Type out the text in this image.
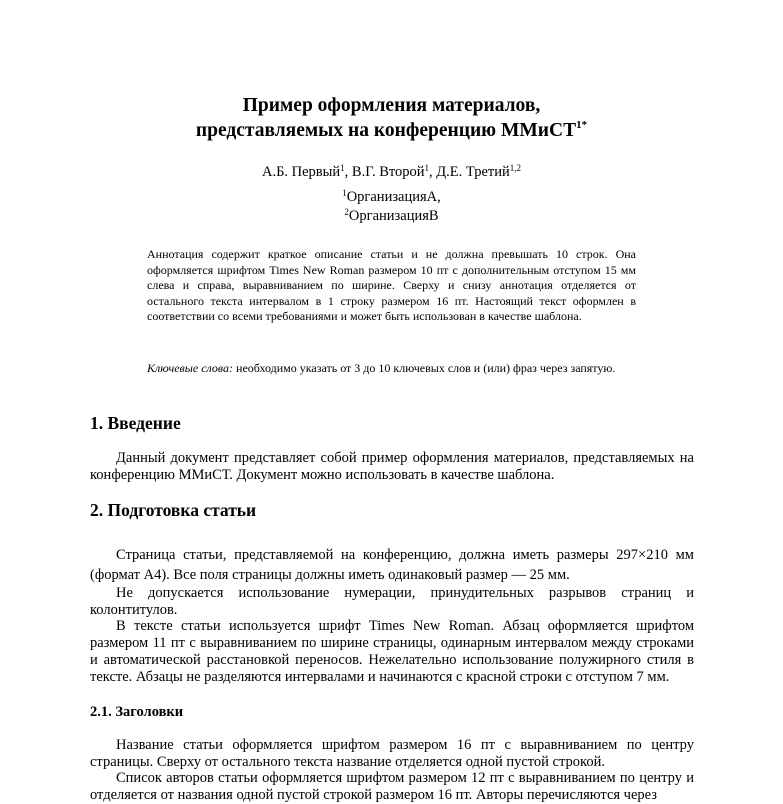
Пример оформления материалов,
представляемых на конференцию ММиСТ$^{1*}$
А.Б. Первый$^1$, В.Г. Второй$^1$, Д.Е. Третий$^{1,2}$
$^1$ОрганизацияА,
$^2$ОрганизацияВ
Аннотация содержит краткое описание статьи и не должна превышать 10 строк. Она оформляется шрифтом Times New Roman размером 10 пт с дополнительным отступом 15 мм слева и справа, выравниванием по ширине. Сверху и снизу аннотация отделяется от остального текста интервалом в 1 строку размером 16 пт. Настоящий текст оформлен в соответствии со всеми требованиями и может быть использован в качестве шаблона.
Ключевые слова: необходимо указать от 3 до 10 ключевых слов и (или) фраз через запятую.
1. Введение

Данный документ представляет собой пример оформления материалов, представляемых на конференцию ММиСТ. Документ можно использовать в качестве шаблона.

2. Подготовка статьи

Страница статьи, представляемой на конференцию, должна иметь размеры 297×210 мм (формат А4). Все поля страницы должны иметь одинаковый размер — 25 мм.

Не допускается использование нумерации, принудительных разрывов страниц и колонтитулов.

В тексте статьи используется шрифт Times New Roman. Абзац оформляется шрифтом размером 11 пт с выравниванием по ширине страницы, одинарным интервалом между строками и автоматической расстановкой переносов. Нежелательно использование полужирного стиля в тексте. Абзацы не разделяются интервалами и начинаются с красной строки с отступом 7 мм.

2.1. Заголовки

Название статьи оформляется шрифтом размером 16 пт с выравниванием по центру страницы. Сверху от остального текста название отделяется одной пустой строкой.

Список авторов статьи оформляется шрифтом размером 12 пт с выравниванием по центру и отделяется от названия одной пустой строкой размером 16 пт. Авторы перечисляются через
